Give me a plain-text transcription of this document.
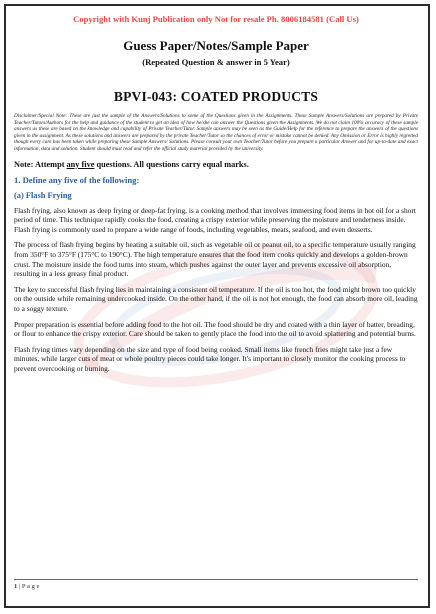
Copyright with Kunj Publication only Not for resale Ph. 8006184581 (Call Us)
Guess Paper/Notes/Sample Paper
(Repeated Question & answer in 5 Year)
BPVI-043: COATED PRODUCTS
Disclaimer/Special Note: These are just the sample of the Answers/Solutions to some of the Questions given in the Assignments. These Sample Answers/Solutions are prepared by Private Teacher/Tutors/Authors for the help and guidance of the student to get an idea of how he/she can answer the Questions given the Assignments. We do not claim 100% accuracy of these sample answers as these are based on the knowledge and capability of Private Teacher/Tutor. Sample answers may be seen as the Guide/Help for the reference to prepare the answers of the questions given in the assignment. As these solutions and answers are prepared by the private Teacher/Tutor so the chances of error or mistake cannot be denied. Any Omission or Error is highly regretted though every care has been taken while preparing these Sample Answers/ Solutions. Please consult your own Teacher/Tutor before you prepare a particular Answer and for up-to-date and exact information, data and solution. Student should must read and refer the official study material provided by the university.
Note: Attempt any five questions. All questions carry equal marks.
1. Define any five of the following:
(a) Flash Frying
Flash frying, also known as deep frying or deep-fat frying, is a cooking method that involves immersing food items in hot oil for a short period of time. This technique rapidly cooks the food, creating a crispy exterior while preserving the moisture and tenderness inside. Flash frying is commonly used to prepare a wide range of foods, including vegetables, meats, seafood, and even desserts.
The process of flash frying begins by heating a suitable oil, such as vegetable oil or peanut oil, to a specific temperature usually ranging from 350°F to 375°F (175°C to 190°C). The high temperature ensures that the food item cooks quickly and develops a golden-brown crust. The moisture inside the food turns into steam, which pushes against the outer layer and prevents excessive oil absorption, resulting in a less greasy final product.
The key to successful flash frying lies in maintaining a consistent oil temperature. If the oil is too hot, the food might brown too quickly on the outside while remaining undercooked inside. On the other hand, if the oil is not hot enough, the food can absorb more oil, leading to a soggy texture.
Proper preparation is essential before adding food to the hot oil. The food should be dry and coated with a thin layer of batter, breading, or flour to enhance the crispy exterior. Care should be taken to gently place the food into the oil to avoid splattering and potential burns.
Flash frying times vary depending on the size and type of food being cooked. Small items like french fries might take just a few minutes, while larger cuts of meat or whole poultry pieces could take longer. It's important to closely monitor the cooking process to prevent overcooking or burning.
1 | P a g e
